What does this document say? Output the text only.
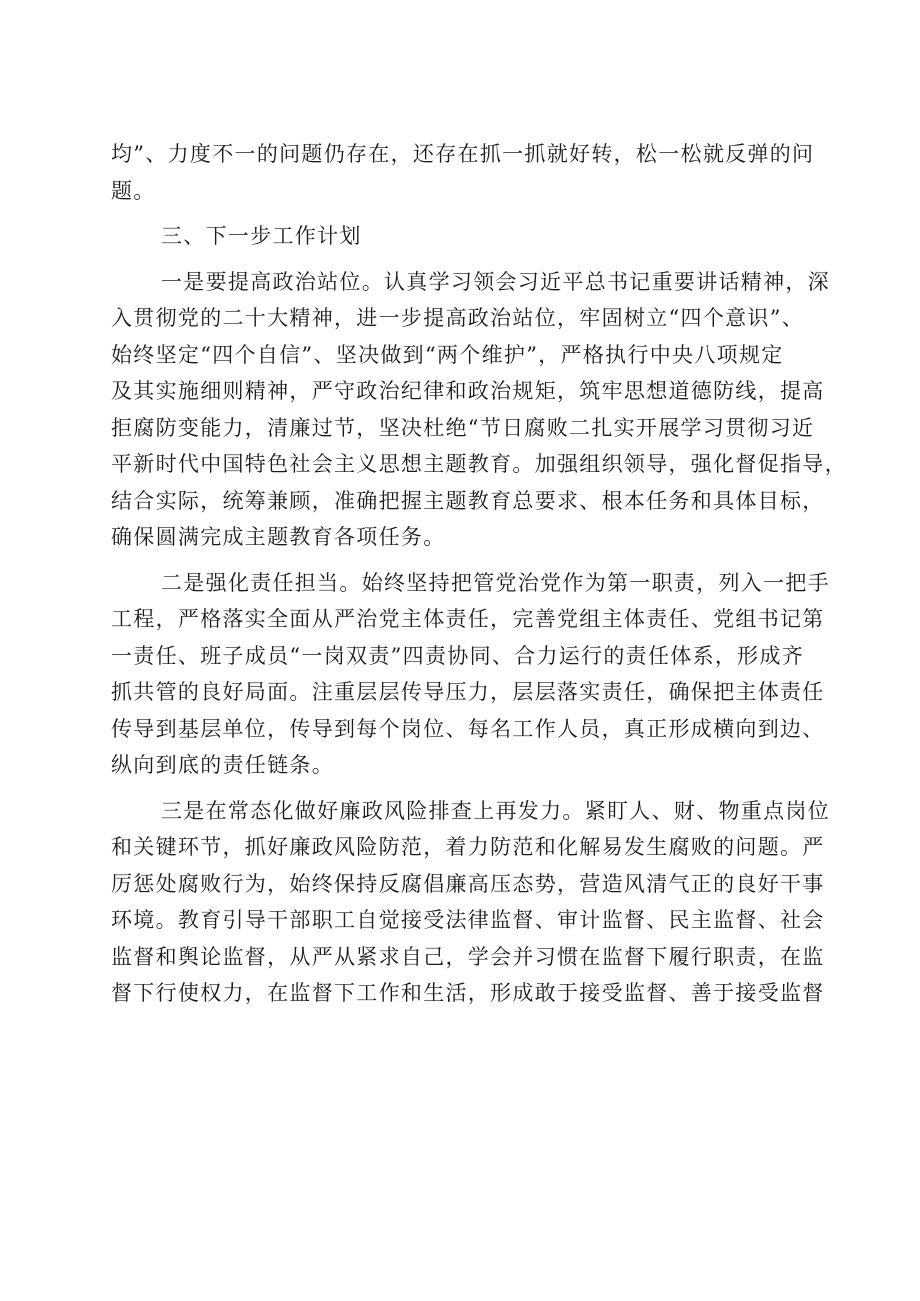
均”、力度不一的问题仍存在，还存在抓一抓就好转，松一松就反弹的问
题。
三、下一步工作计划
一是要提高政治站位。认真学习领会习近平总书记重要讲话精神，深
入贯彻党的二十大精神，进一步提高政治站位，牢固树立“四个意识”、
始终坚定“四个自信”、坚决做到“两个维护”，严格执行中央八项规定
及其实施细则精神，严守政治纪律和政治规矩，筑牢思想道德防线，提高
拒腐防变能力，清廉过节，坚决杜绝“节日腐败二扎实开展学习贯彻习近
平新时代中国特色社会主义思想主题教育。加强组织领导，强化督促指导，
结合实际，统筹兼顾，准确把握主题教育总要求、根本任务和具体目标，
确保圆满完成主题教育各项任务。
二是强化责任担当。始终坚持把管党治党作为第一职责，列入一把手
工程，严格落实全面从严治党主体责任，完善党组主体责任、党组书记第
一责任、班子成员“一岗双责”四责协同、合力运行的责任体系，形成齐
抓共管的良好局面。注重层层传导压力，层层落实责任，确保把主体责任
传导到基层单位，传导到每个岗位、每名工作人员，真正形成横向到边、
纵向到底的责任链条。
三是在常态化做好廉政风险排查上再发力。紧盯人、财、物重点岗位
和关键环节，抓好廉政风险防范，着力防范和化解易发生腐败的问题。严
厉惩处腐败行为，始终保持反腐倡廉高压态势，营造风清气正的良好干事
环境。教育引导干部职工自觉接受法律监督、审计监督、民主监督、社会
监督和舆论监督，从严从紧求自己，学会并习惯在监督下履行职责，在监
督下行使权力，在监督下工作和生活，形成敢于接受监督、善于接受监督
